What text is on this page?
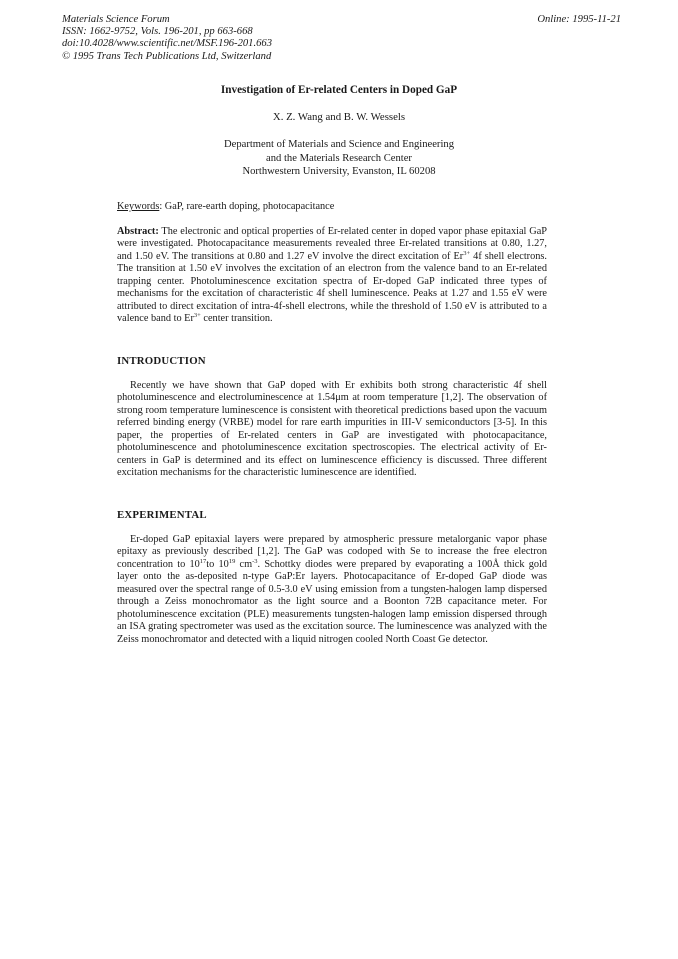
Materials Science Forum
ISSN: 1662-9752, Vols. 196-201, pp 663-668
doi:10.4028/www.scientific.net/MSF.196-201.663
© 1995 Trans Tech Publications Ltd, Switzerland
Online: 1995-11-21
Investigation of Er-related Centers in Doped GaP
X. Z. Wang and B. W. Wessels
Department of Materials and Science and Engineering
and the Materials Research Center
Northwestern University, Evanston, IL 60208
Keywords: GaP, rare-earth doping, photocapacitance
Abstract: The electronic and optical properties of Er-related center in doped vapor phase epitaxial GaP were investigated. Photocapacitance measurements revealed three Er-related transitions at 0.80, 1.27, and 1.50 eV. The transitions at 0.80 and 1.27 eV involve the direct excitation of $Er^{3+}$ 4f shell electrons. The transition at 1.50 eV involves the excitation of an electron from the valence band to an Er-related trapping center. Photoluminescence excitation spectra of Er-doped GaP indicated three types of mechanisms for the excitation of characteristic 4f shell luminescence. Peaks at 1.27 and 1.55 eV were attributed to direct excitation of intra-4f-shell electrons, while the threshold of 1.50 eV is attributed to a valence band to $Er^{3+}$ center transition.
INTRODUCTION
Recently we have shown that GaP doped with Er exhibits both strong characteristic 4f shell photoluminescence and electroluminescence at 1.54μm at room temperature [1,2]. The observation of strong room temperature luminescence is consistent with theoretical predictions based upon the vacuum referred binding energy (VRBE) model for rare earth impurities in III-V semiconductors [3-5]. In this paper, the properties of Er-related centers in GaP are investigated with photocapacitance, photoluminescence and photoluminescence excitation spectroscopies. The electrical activity of Er-centers in GaP is determined and its effect on luminescence efficiency is discussed. Three different excitation mechanisms for the characteristic luminescence are identified.
EXPERIMENTAL
Er-doped GaP epitaxial layers were prepared by atmospheric pressure metalorganic vapor phase epitaxy as previously described [1,2]. The GaP was codoped with Se to increase the free electron concentration to $10^{17}to$ $10^{19}$ $cm^{-3}$. Schottky diodes were prepared by evaporating a 100Å thick gold layer onto the as-deposited n-type GaP:Er layers. Photocapacitance of Er-doped GaP diode was measured over the spectral range of 0.5-3.0 eV using emission from a tungsten-halogen lamp dispersed through a Zeiss monochromator as the light source and a Boonton 72B capacitance meter. For photoluminescence excitation (PLE) measurements tungsten-halogen lamp emission dispersed through an ISA grating spectrometer was used as the excitation source. The luminescence was analyzed with the Zeiss monochromator and detected with a liquid nitrogen cooled North Coast Ge detector.
